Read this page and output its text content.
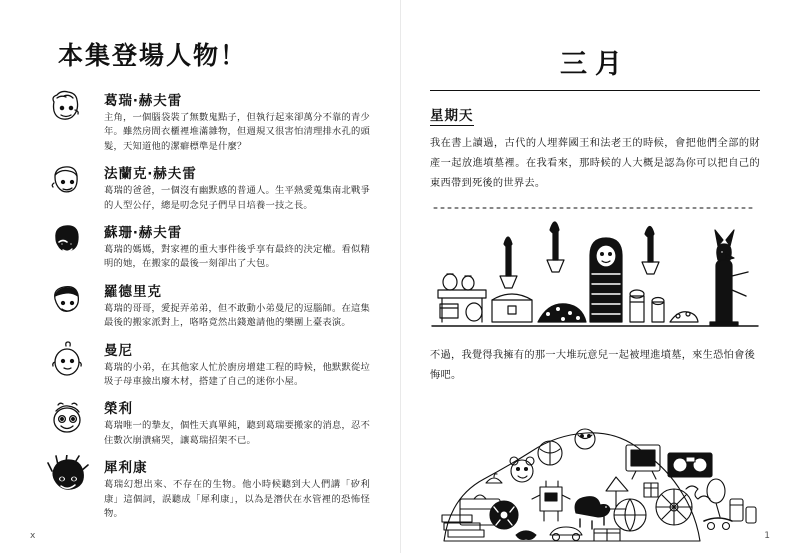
本集登場人物！
葛瑞‧赫夫雷
主角，一個腦袋裝了無數鬼點子，但執行起來卻萬分不靠的青少年。雖然房間衣櫃裡堆滿雜物，但週規又很害怕清理排水孔的頭髮，天知道他的潔癖標準是什麼？
法蘭克‧赫夫雷
葛瑞的爸爸，一個沒有幽默感的普通人。生平熱愛蒐集南北戰爭的人型公仔，總是叨念兒子們早日培養一技之長。
蘇珊‧赫夫雷
葛瑞的媽媽，對家裡的重大事件後乎享有最終的決定權。看似精明的她，在搬家的最後一刻卻出了大包。
羅德里克
葛瑞的哥哥，愛捉弄弟弟，但不敢動小弟曼尼的逗腦師。在這集最後的搬家派對上，咯咯竟然出錢邀請他的樂團上臺表演。
曼尼
葛瑞的小弟，在其他家人忙於廚房增建工程的時候，他默默從垃圾子母車撿出廢木材，搭建了自己的迷你小屋。
榮利
葛瑞唯一的摯友，個性天真單純，聽到葛瑞要搬家的消息，忍不住數次崩潰痛哭，讓葛瑞招架不已。
犀利康
葛瑞幻想出來、不存在的生物。他小時候聽到大人們講「矽利康」這個詞，誤聽成「犀利康」，以為是潛伏在水管裡的恐怖怪物。
x
三月
星期天
我在書上讀過，古代的人埋葬國王和法老王的時候，會把他們全部的財產一起放進墳墓裡。在我看來，那時候的人大概是認為你可以把自己的東西帶到死後的世界去。
不過，我覺得我擁有的那一大堆玩意兒一起被埋進墳墓，來生恐怕會後悔吧。
1
